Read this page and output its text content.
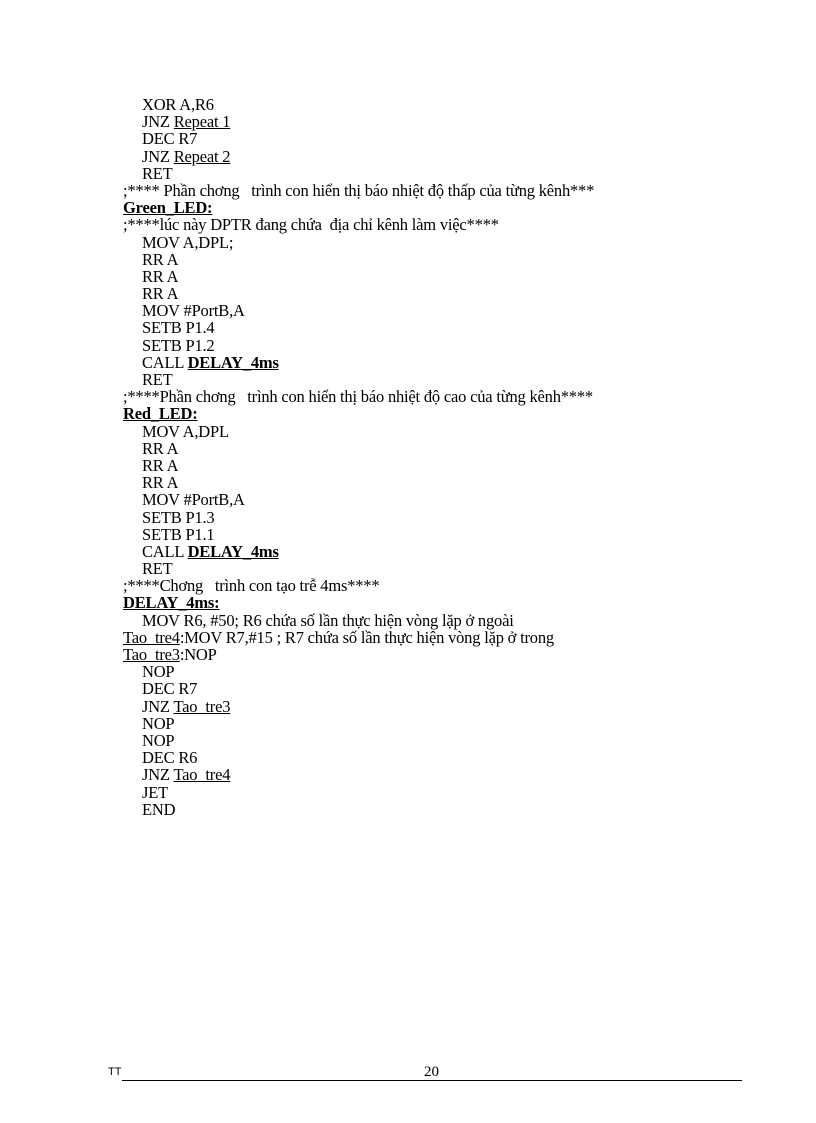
XOR A,R6
JNZ Repeat 1
DEC R7
JNZ Repeat 2
RET
;**** Phần chơng   trình con hiển thị báo nhiệt độ thấp của từng kênh***
Green_LED:
;****lúc này DPTR đang chứa  địa chỉ kênh làm việc****
MOV A,DPL;
RR A
RR A
RR A
MOV #PortB,A
SETB P1.4
SETB P1.2
CALL DELAY_4ms
RET
;****Phần chơng   trình con hiển thị báo nhiệt độ cao của từng kênh****
Red_LED:
MOV A,DPL
RR A
RR A
RR A
MOV #PortB,A
SETB P1.3
SETB P1.1
CALL DELAY_4ms
RET
;****Chơng   trình con tạo trễ 4ms****
DELAY_4ms:
MOV R6, #50; R6 chứa số lần thực hiện vòng lặp ở ngoài
Tao_tre4:MOV R7,#15 ; R7 chứa số lần thực hiện vòng lặp ở trong
Tao_tre3:NOP
NOP
DEC R7
JNZ Tao_tre3
NOP
NOP
DEC R6
JNZ Tao_tre4
JET
END
TT	20
